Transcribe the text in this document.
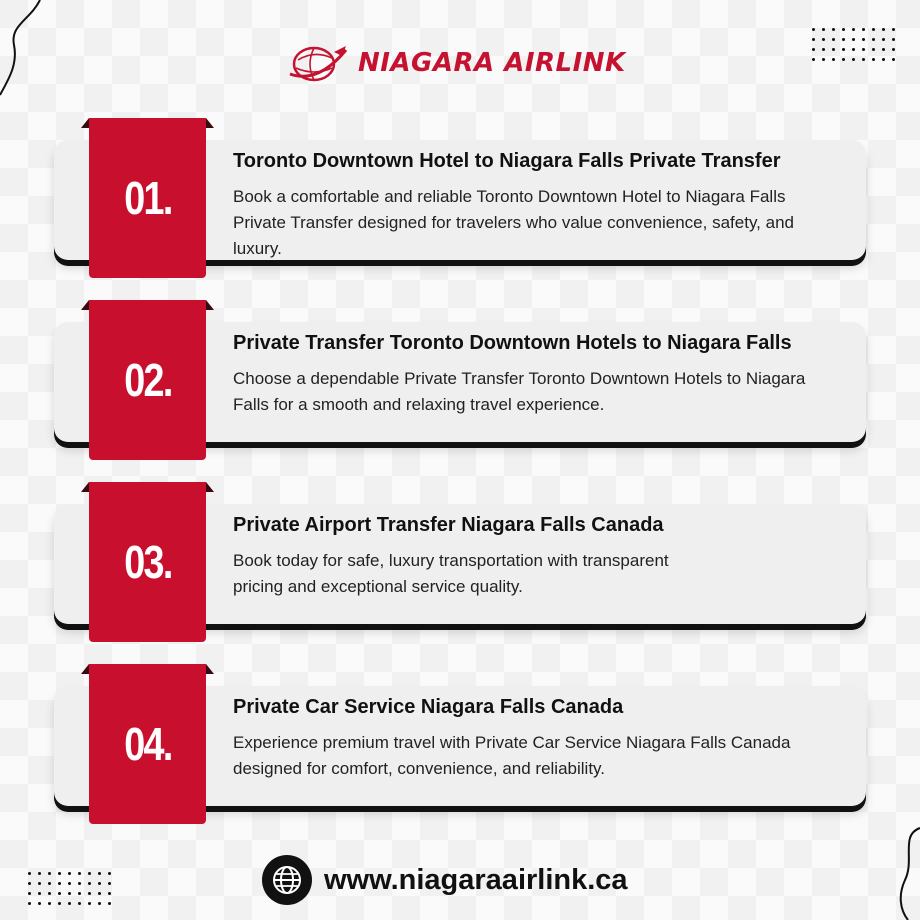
NIAGARA AIRLINK
01.
Toronto Downtown Hotel to Niagara Falls Private Transfer
Book a comfortable and reliable Toronto Downtown Hotel to Niagara Falls Private Transfer designed for travelers who value convenience, safety, and luxury.
02.
Private Transfer Toronto Downtown Hotels to Niagara Falls
Choose a dependable Private Transfer Toronto Downtown Hotels to Niagara Falls for a smooth and relaxing travel experience.
03.
Private Airport Transfer Niagara Falls Canada
Book today for safe, luxury transportation with transparent pricing and exceptional service quality.
04.
Private Car Service Niagara Falls Canada
Experience premium travel with Private Car Service Niagara Falls Canada designed for comfort, convenience, and reliability.
www.niagaraairlink.ca
